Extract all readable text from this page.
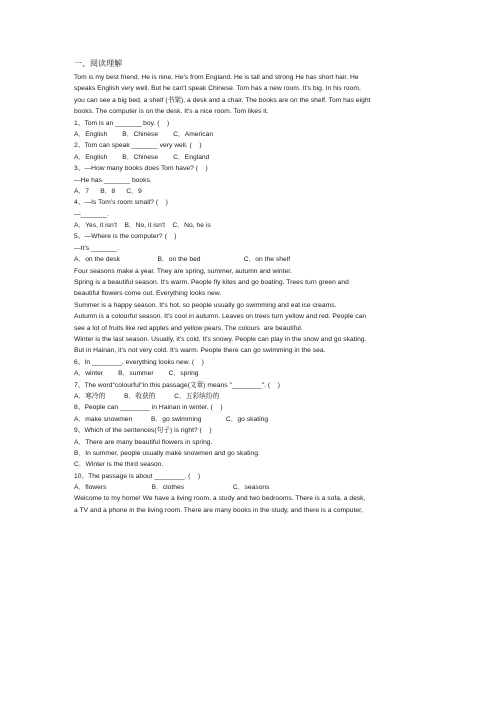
一、阅读理解
Tom is my best friend. He is nine. He's from England. He is tall and strong He has short hair. He
speaks English very well. But he can't speak Chinese. Tom has a new room. It's big. In his room,
you can see a big bed, a shelf (书架), a desk and a chair. The books are on the shelf. Tom has eight
books. The computer is on the desk. It's a nice room. Tom likes it.
1、Tom is an _______ boy. (    )
A．English        B．Chinese        C．American
2、Tom can speak _______ very well. (    )
A．English        B．Chinese        C．England
3、—How many books does Tom have? (    )
—He has _______ books.
A．7      B．8      C．9
4、—Is Tom's room small? (    )
—_______.
A．Yes, it isn't    B．No, it isn't    C．No, he is
5、—Where is the computer? (    )
—It's _______.
A．on the desk                    B．on the bed                       C．on the shelf
Four seasons make a year. They are spring, summer, autumn and winter.
Spring is a beautiful season. It's warm. People fly kites and go boating. Trees turn green and
beautiful flowers come out. Everything looks new.
Summer is a happy season. It's hot, so people usually go swimming and eat ice creams.
Autumn is a colourful season. It's cool in autumn. Leaves on trees turn yellow and red. People can
see a lot of fruits like red apples and yellow pears. The colours  are beautiful.
Winter is the last season. Usually, it's cold. It's snowy. People can play in the snow and go skating.
But in Hainan, it's not very cold. It's warm. People there can go swimming in the sea.
6、In ________, everything looks new. (    )
A．winter        B．summer        C．spring
7、The word"colourful"in this passage(文章) means "________". (    )
A．寒冷的          B．收获的          C．五彩缤纷的
8、People can ________ in Hainan in winter. (    )
A．make snowmen          B．go swimming             C．go skating
9、Which of the sentences(句子) is right? (    )
A．There are many beautiful flowers in spring.
B．In summer, people usually make snowmen and go skating.
C．Winter is the third season.
10、The passage is about ________. (    )
A．flowers                        B．clothes                          C．seasons
Welcome to my home! We have a living room, a study and two bedrooms. There is a sofa, a desk,
a TV and a phone in the living room. There are many books in the study, and there is a computer,
